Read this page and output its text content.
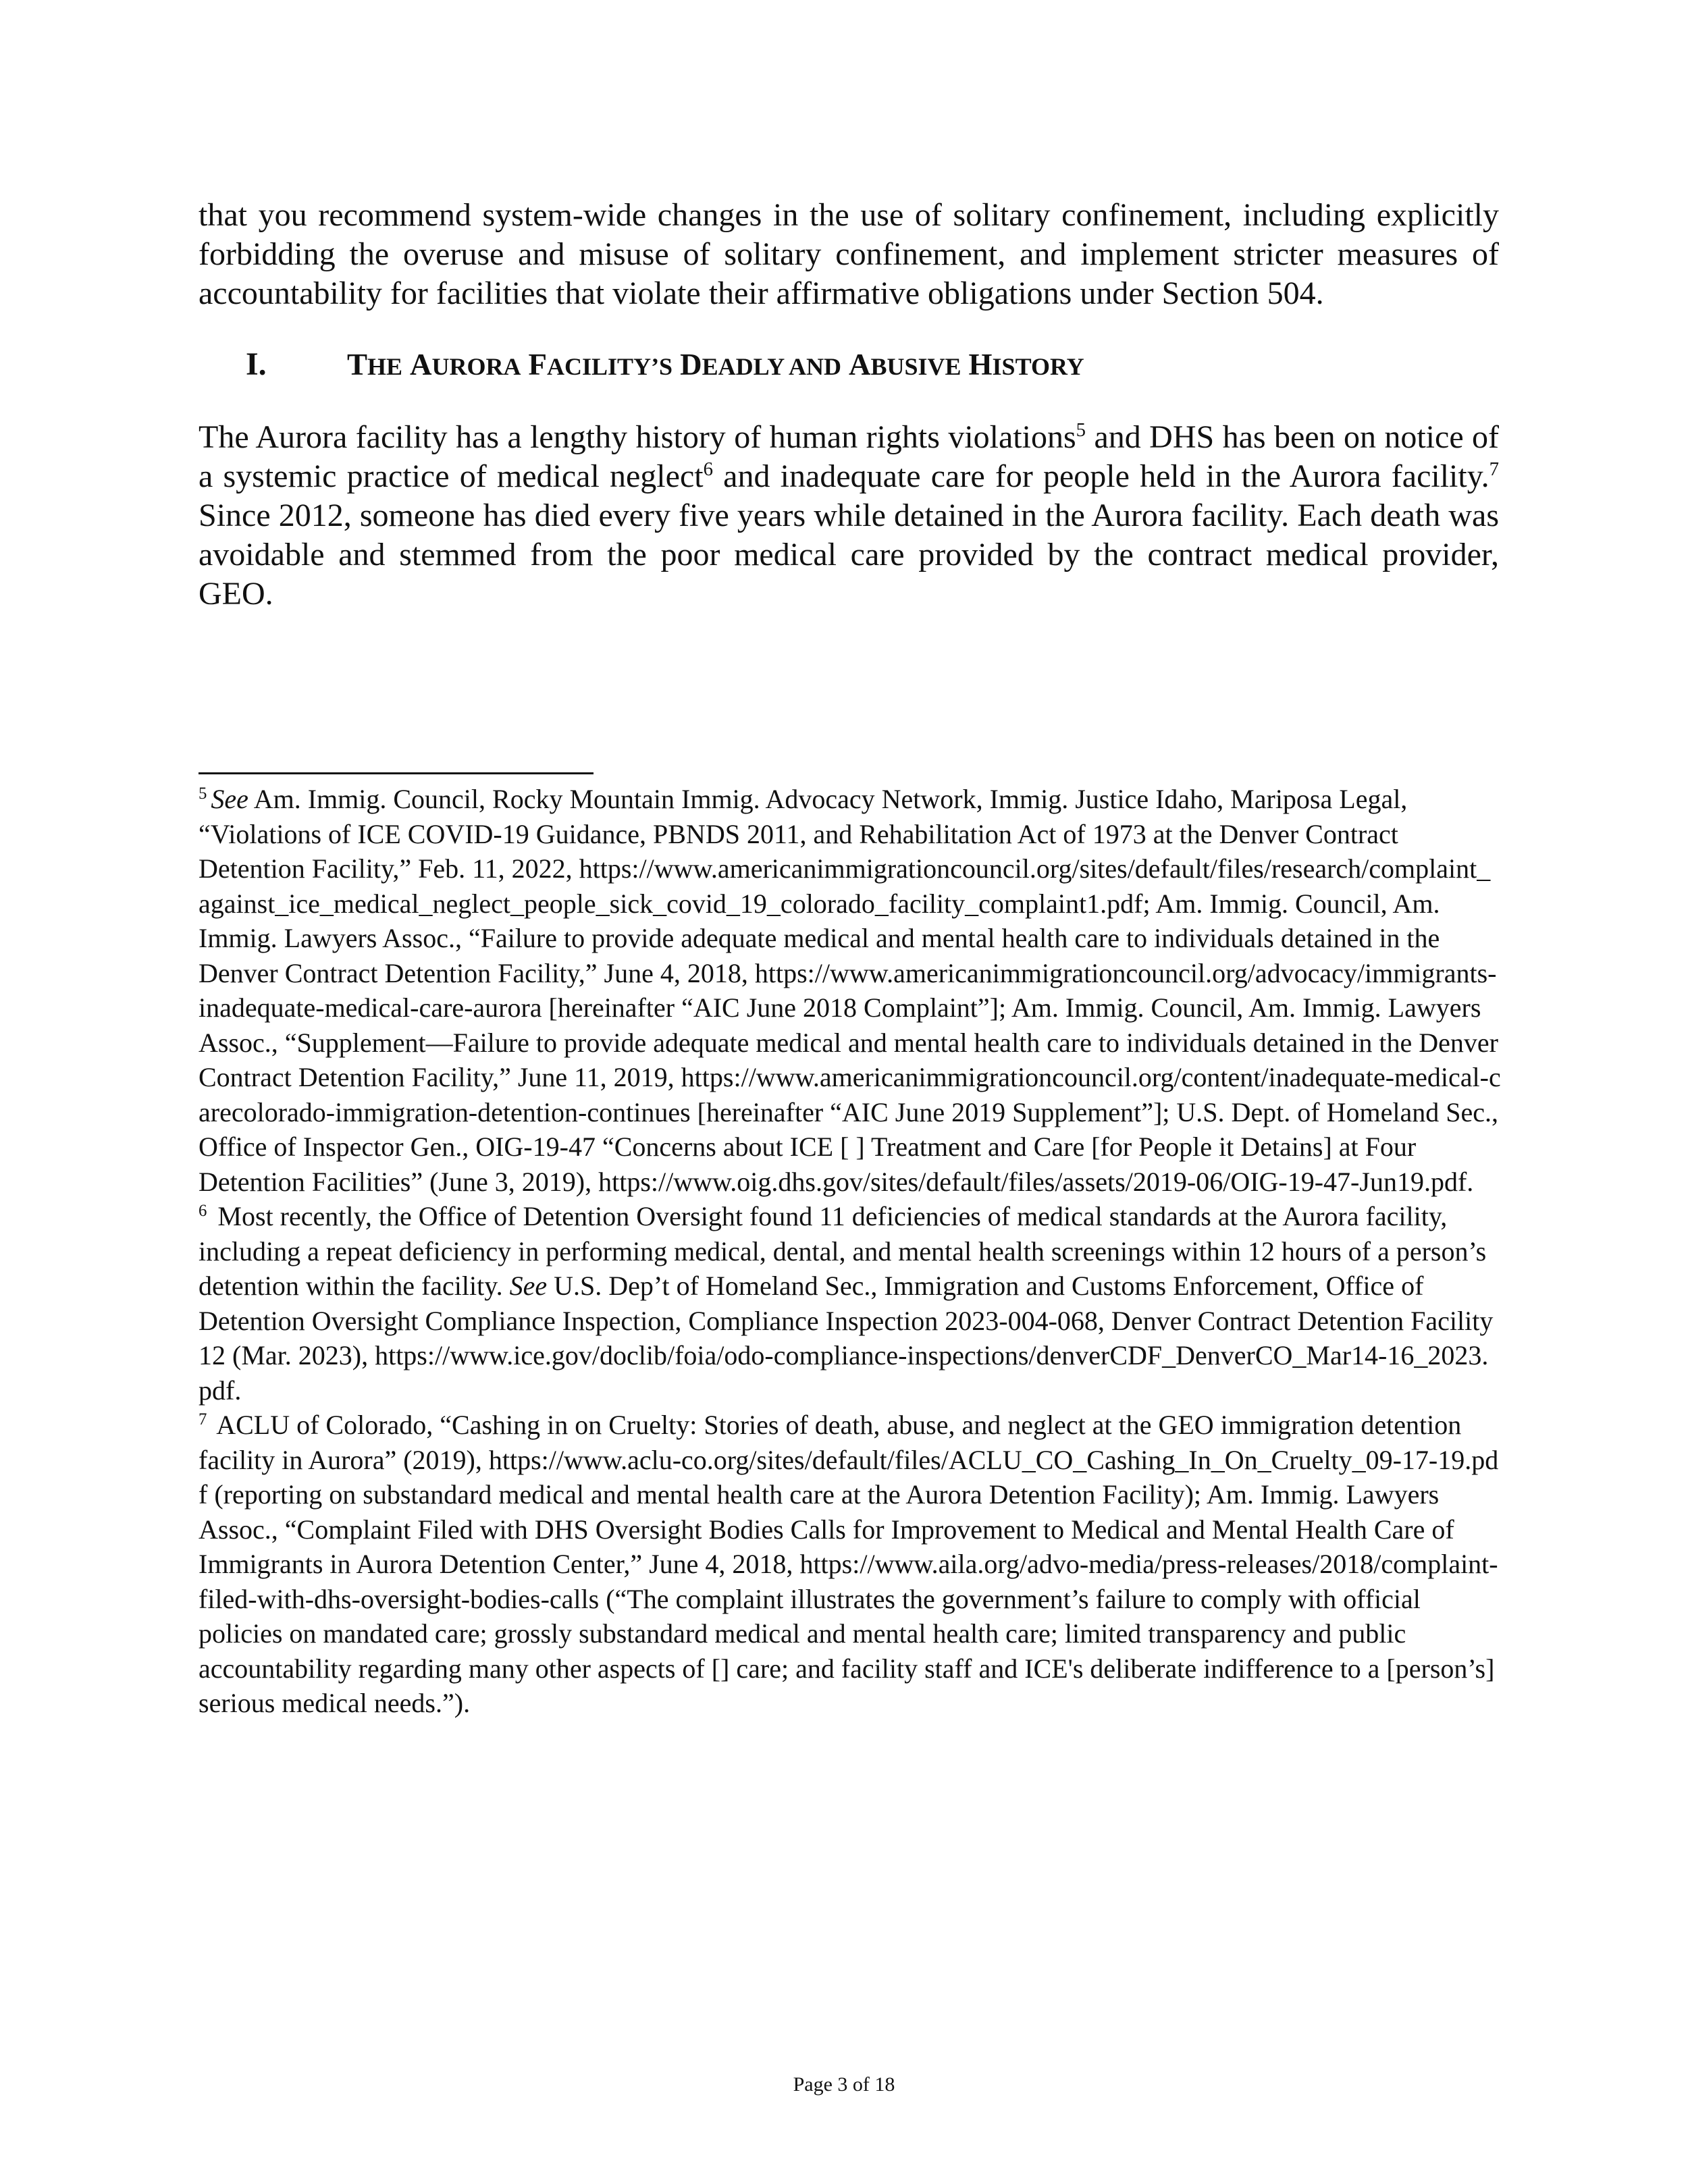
that you recommend system-wide changes in the use of solitary confinement, including explicitly forbidding the overuse and misuse of solitary confinement, and implement stricter measures of accountability for facilities that violate their affirmative obligations under Section 504.

I.	THE AURORA FACILITY’S DEADLY AND ABUSIVE HISTORY

The Aurora facility has a lengthy history of human rights violations$^5$ and DHS has been on notice of a systemic practice of medical neglect$^6$ and inadequate care for people held in the Aurora facility.$^7$ Since 2012, someone has died every five years while detained in the Aurora facility. Each death was avoidable and stemmed from the poor medical care provided by the contract medical provider, GEO.

$^5$ See Am. Immig. Council, Rocky Mountain Immig. Advocacy Network, Immig. Justice Idaho, Mariposa Legal, “Violations of ICE COVID-19 Guidance, PBNDS 2011, and Rehabilitation Act of 1973 at the Denver Contract Detention Facility,” Feb. 11, 2022, https://www.americanimmigrationcouncil.org/sites/default/files/research/complaint_against_ice_medical_neglect_people_sick_covid_19_colorado_facility_complaint1.pdf; Am. Immig. Council, Am. Immig. Lawyers Assoc., “Failure to provide adequate medical and mental health care to individuals detained in the Denver Contract Detention Facility,” June 4, 2018, https://www.americanimmigrationcouncil.org/advocacy/immigrants-inadequate-medical-care-aurora [hereinafter “AIC June 2018 Complaint”]; Am. Immig. Council, Am. Immig. Lawyers Assoc., “Supplement—Failure to provide adequate medical and mental health care to individuals detained in the Denver Contract Detention Facility,” June 11, 2019, https://www.americanimmigrationcouncil.org/content/inadequate-medical-carecolorado-immigration-detention-continues [hereinafter “AIC June 2019 Supplement”]; U.S. Dept. of Homeland Sec., Office of Inspector Gen., OIG-19-47 “Concerns about ICE [ ] Treatment and Care [for People it Detains] at Four Detention Facilities” (June 3, 2019), https://www.oig.dhs.gov/sites/default/files/assets/2019-06/OIG-19-47-Jun19.pdf.

$^6$ Most recently, the Office of Detention Oversight found 11 deficiencies of medical standards at the Aurora facility, including a repeat deficiency in performing medical, dental, and mental health screenings within 12 hours of a person’s detention within the facility. See U.S. Dep’t of Homeland Sec., Immigration and Customs Enforcement, Office of Detention Oversight Compliance Inspection, Compliance Inspection 2023-004-068, Denver Contract Detention Facility 12 (Mar. 2023), https://www.ice.gov/doclib/foia/odo-compliance-inspections/denverCDF_DenverCO_Mar14-16_2023.pdf.

$^7$ ACLU of Colorado, “Cashing in on Cruelty: Stories of death, abuse, and neglect at the GEO immigration detention facility in Aurora” (2019), https://www.aclu-co.org/sites/default/files/ACLU_CO_Cashing_In_On_Cruelty_09-17-19.pdf (reporting on substandard medical and mental health care at the Aurora Detention Facility); Am. Immig. Lawyers Assoc., “Complaint Filed with DHS Oversight Bodies Calls for Improvement to Medical and Mental Health Care of Immigrants in Aurora Detention Center,” June 4, 2018, https://www.aila.org/advo-media/press-releases/2018/complaint-filed-with-dhs-oversight-bodies-calls (“The complaint illustrates the government’s failure to comply with official policies on mandated care; grossly substandard medical and mental health care; limited transparency and public accountability regarding many other aspects of [] care; and facility staff and ICE's deliberate indifference to a [person’s] serious medical needs.”).

Page 3 of 18
